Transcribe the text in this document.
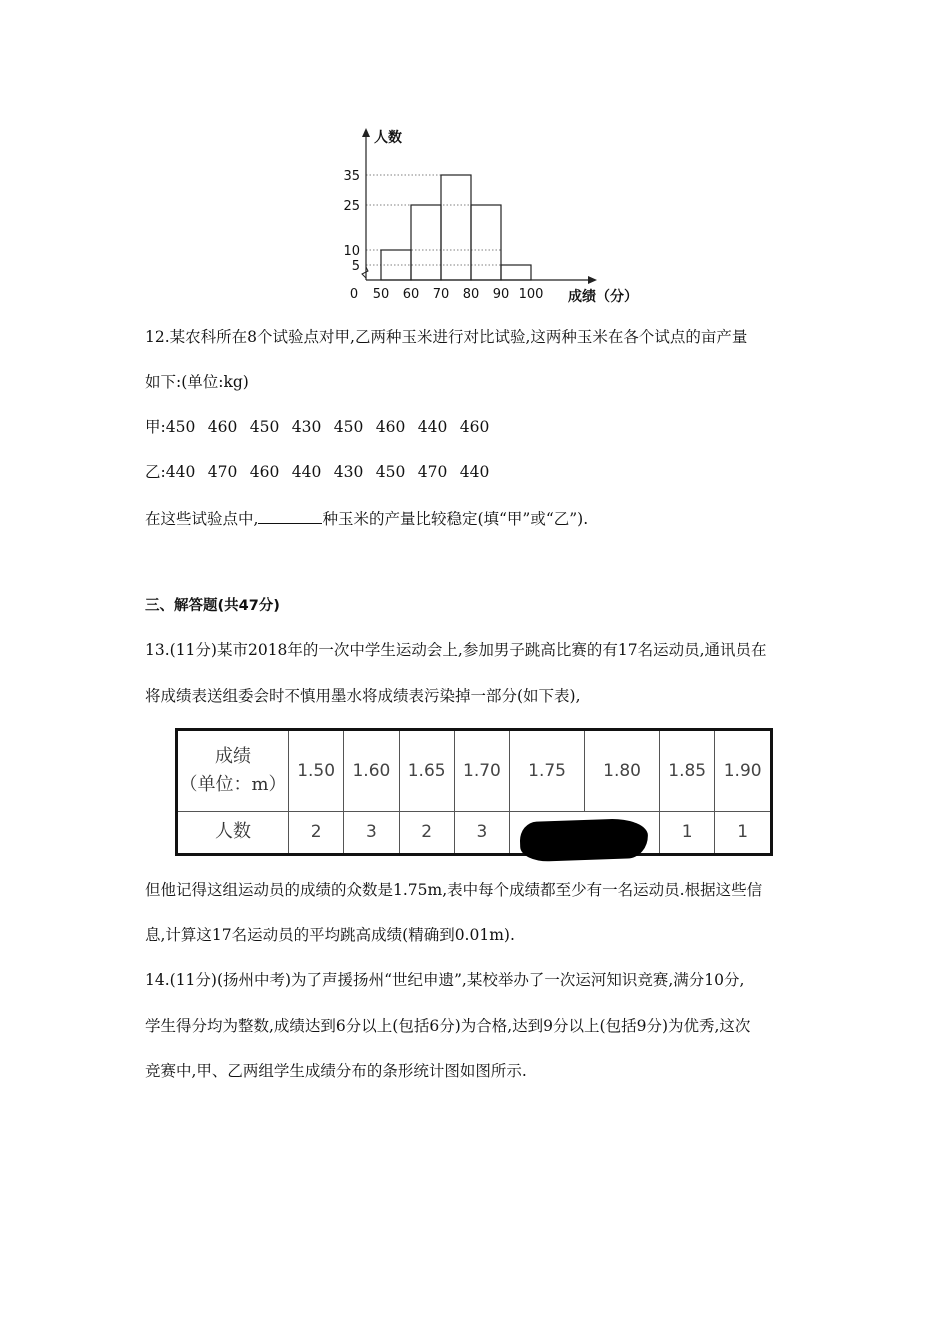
5
10
25
35
0 50 60 70 80 90 100
人数
成绩（分）
12.某农科所在8个试验点对甲,乙两种玉米进行对比试验,这两种玉米在各个试点的亩产量
如下:(单位:kg)
甲:450 460 450 430 450 460 440 460
乙:440 470 460 440 430 450 470 440
在这些试验点中,	种玉米的产量比较稳定(填“甲”或“乙”).
三、解答题(共47分)
13.(11分)某市2018年的一次中学生运动会上,参加男子跳高比赛的有17名运动员,通讯员在
将成绩表送组委会时不慎用墨水将成绩表污染掉一部分(如下表),
成绩
（单位：m）	1.50	1.60	1.65	1.70	1.75	1.80	1.85	1.90
人数	2	3	2	3			1	1
但他记得这组运动员的成绩的众数是1.75m,表中每个成绩都至少有一名运动员.根据这些信
息,计算这17名运动员的平均跳高成绩(精确到0.01m).
14.(11分)(扬州中考)为了声援扬州“世纪申遗”,某校举办了一次运河知识竞赛,满分10分,
学生得分均为整数,成绩达到6分以上(包括6分)为合格,达到9分以上(包括9分)为优秀,这次
竞赛中,甲、乙两组学生成绩分布的条形统计图如图所示.
